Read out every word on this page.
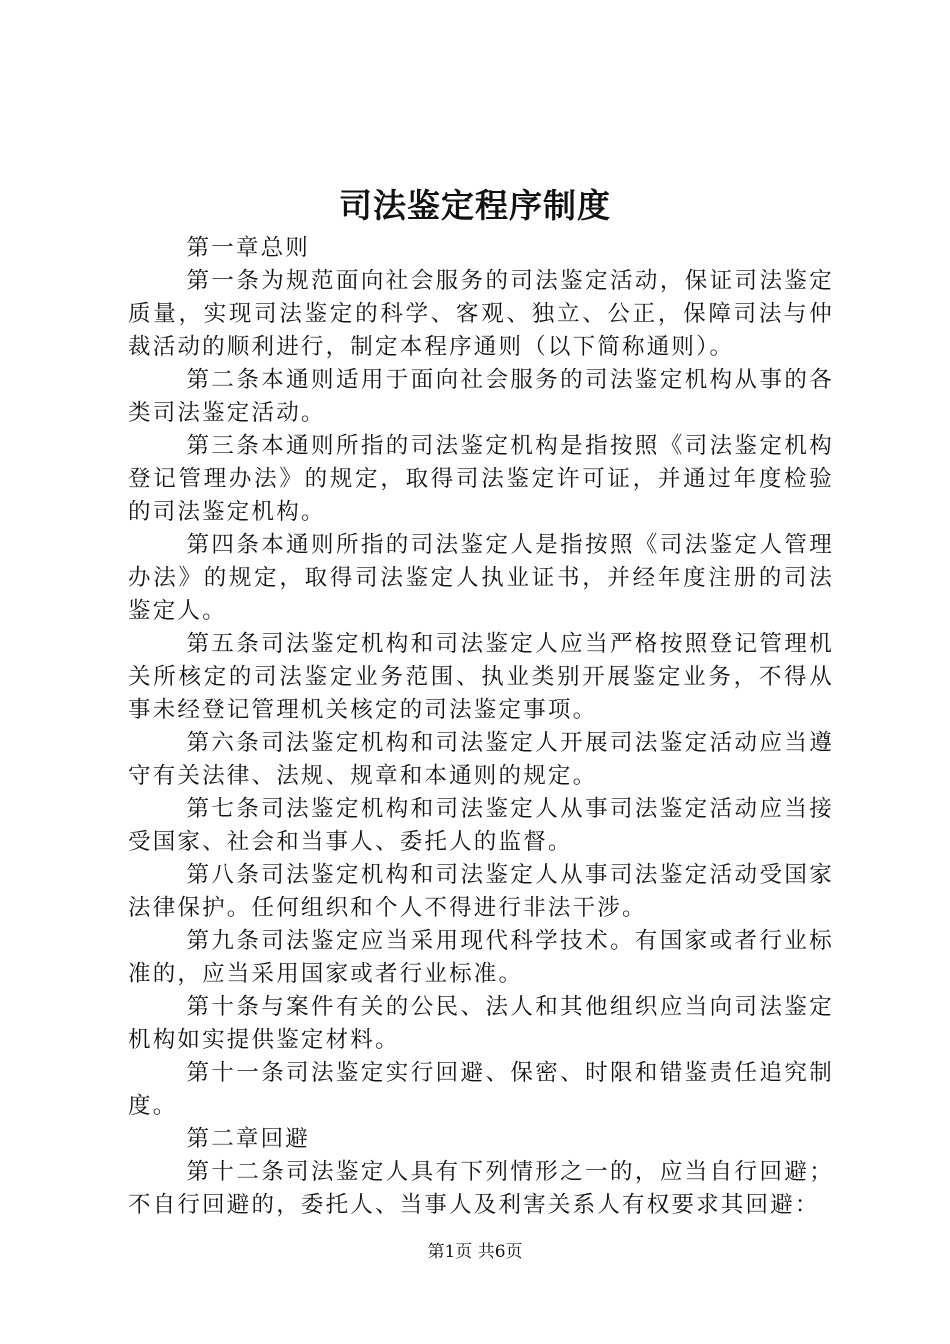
司法鉴定程序制度

第一章总则

第一条为规范面向社会服务的司法鉴定活动，保证司法鉴定质量，实现司法鉴定的科学、客观、独立、公正，保障司法与仲裁活动的顺利进行，制定本程序通则（以下简称通则）。

第二条本通则适用于面向社会服务的司法鉴定机构从事的各类司法鉴定活动。

第三条本通则所指的司法鉴定机构是指按照《司法鉴定机构登记管理办法》的规定，取得司法鉴定许可证，并通过年度检验的司法鉴定机构。

第四条本通则所指的司法鉴定人是指按照《司法鉴定人管理办法》的规定，取得司法鉴定人执业证书，并经年度注册的司法鉴定人。

第五条司法鉴定机构和司法鉴定人应当严格按照登记管理机关所核定的司法鉴定业务范围、执业类别开展鉴定业务，不得从事未经登记管理机关核定的司法鉴定事项。

第六条司法鉴定机构和司法鉴定人开展司法鉴定活动应当遵守有关法律、法规、规章和本通则的规定。

第七条司法鉴定机构和司法鉴定人从事司法鉴定活动应当接受国家、社会和当事人、委托人的监督。

第八条司法鉴定机构和司法鉴定人从事司法鉴定活动受国家法律保护。任何组织和个人不得进行非法干涉。

第九条司法鉴定应当采用现代科学技术。有国家或者行业标准的，应当采用国家或者行业标准。

第十条与案件有关的公民、法人和其他组织应当向司法鉴定机构如实提供鉴定材料。

第十一条司法鉴定实行回避、保密、时限和错鉴责任追究制度。

第二章回避

第十二条司法鉴定人具有下列情形之一的，应当自行回避；不自行回避的，委托人、当事人及利害关系人有权要求其回避：

第1页 共6页
